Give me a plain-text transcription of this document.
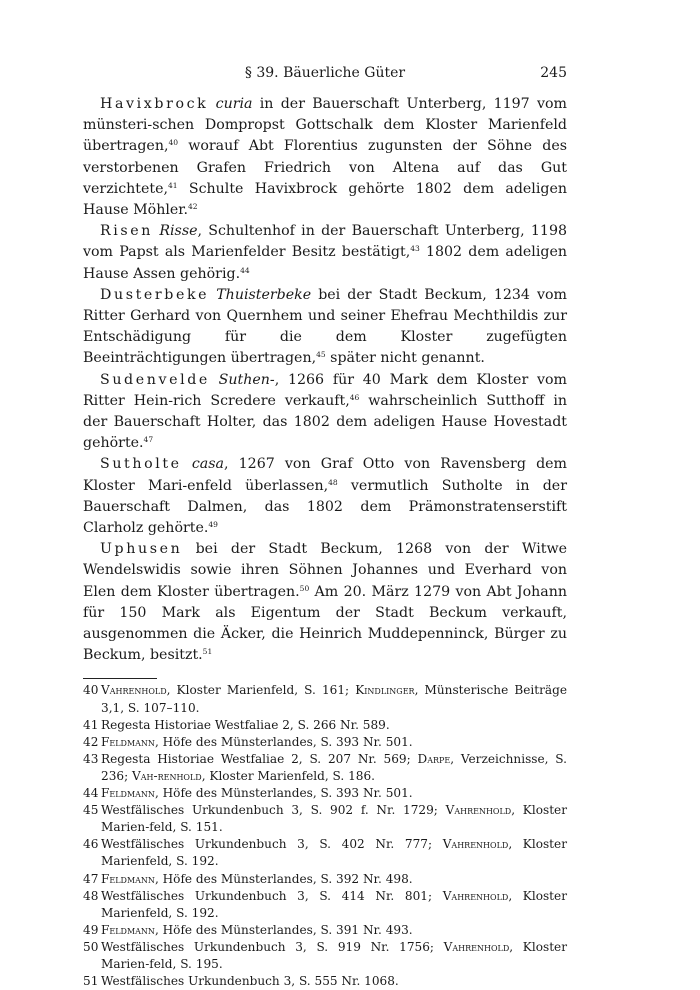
§ 39. Bäuerliche Güter	245

Havixbrock curia in der Bauerschaft Unterberg, 1197 vom münsteri-schen Dompropst Gottschalk dem Kloster Marienfeld übertragen,$^{40}$ worauf Abt Florentius zugunsten der Söhne des verstorbenen Grafen Friedrich von Altena auf das Gut verzichtete,$^{41}$ Schulte Havixbrock gehörte 1802 dem adeligen Hause Möhler.$^{42}$

Risen Risse, Schultenhof in der Bauerschaft Unterberg, 1198 vom Papst als Marienfelder Besitz bestätigt,$^{43}$ 1802 dem adeligen Hause Assen gehörig.$^{44}$

Dusterbeke Thuisterbeke bei der Stadt Beckum, 1234 vom Ritter Gerhard von Quernhem und seiner Ehefrau Mechthildis zur Entschädigung für die dem Kloster zugefügten Beeinträchtigungen übertragen,$^{45}$ später nicht genannt.

Sudenvelde Suthen-, 1266 für 40 Mark dem Kloster vom Ritter Hein-rich Scredere verkauft,$^{46}$ wahrscheinlich Sutthoff in der Bauerschaft Holter, das 1802 dem adeligen Hause Hovestadt gehörte.$^{47}$

Sutholte casa, 1267 von Graf Otto von Ravensberg dem Kloster Mari-enfeld überlassen,$^{48}$ vermutlich Sutholte in der Bauerschaft Dalmen, das 1802 dem Prämonstratenserstift Clarholz gehörte.$^{49}$

Uphusen bei der Stadt Beckum, 1268 von der Witwe Wendelswidis sowie ihren Söhnen Johannes und Everhard von Elen dem Kloster übertragen.$^{50}$ Am 20. März 1279 von Abt Johann für 150 Mark als Eigentum der Stadt Beckum verkauft, ausgenommen die Äcker, die Heinrich Muddepenninck, Bürger zu Beckum, besitzt.$^{51}$

40 Vahrenhold, Kloster Marienfeld, S. 161; Kindlinger, Münsterische Beiträge 3,1, S. 107–110.
41 Regesta Historiae Westfaliae 2, S. 266 Nr. 589.
42 Feldmann, Höfe des Münsterlandes, S. 393 Nr. 501.
43 Regesta Historiae Westfaliae 2, S. 207 Nr. 569; Darpe, Verzeichnisse, S. 236; Vah-renhold, Kloster Marienfeld, S. 186.
44 Feldmann, Höfe des Münsterlandes, S. 393 Nr. 501.
45 Westfälisches Urkundenbuch 3, S. 902 f. Nr. 1729; Vahrenhold, Kloster Marien-feld, S. 151.
46 Westfälisches Urkundenbuch 3, S. 402 Nr. 777; Vahrenhold, Kloster Marienfeld, S. 192.
47 Feldmann, Höfe des Münsterlandes, S. 392 Nr. 498.
48 Westfälisches Urkundenbuch 3, S. 414 Nr. 801; Vahrenhold, Kloster Marienfeld, S. 192.
49 Feldmann, Höfe des Münsterlandes, S. 391 Nr. 493.
50 Westfälisches Urkundenbuch 3, S. 919 Nr. 1756; Vahrenhold, Kloster Marien-feld, S. 195.
51 Westfälisches Urkundenbuch 3, S. 555 Nr. 1068.
